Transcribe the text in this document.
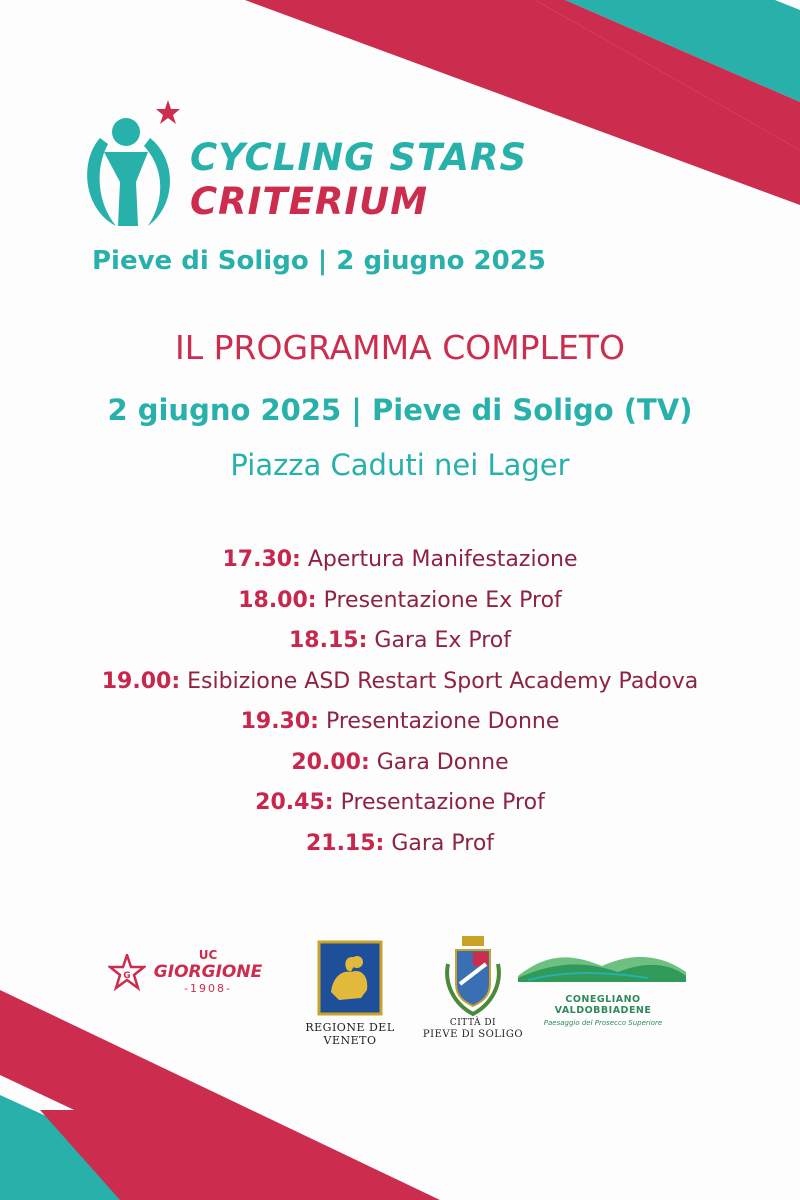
CYCLING STARS
CRITERIUM
Pieve di Soligo | 2 giugno 2025
IL PROGRAMMA COMPLETO
2 giugno 2025 | Pieve di Soligo (TV)
Piazza Caduti nei Lager
17.30: Apertura Manifestazione
18.00: Presentazione Ex Prof
18.15: Gara Ex Prof
19.00: Esibizione ASD Restart Sport Academy Padova
19.30: Presentazione Donne
20.00: Gara Donne
20.45: Presentazione Prof
21.15: Gara Prof
G
UC
GIORGIONE
-1908-
REGIONE DEL VENETO
CITTÀ DI
PIEVE DI SOLIGO
CONEGLIANO VALDOBBIADENE
Paesaggio del Prosecco Superiore
